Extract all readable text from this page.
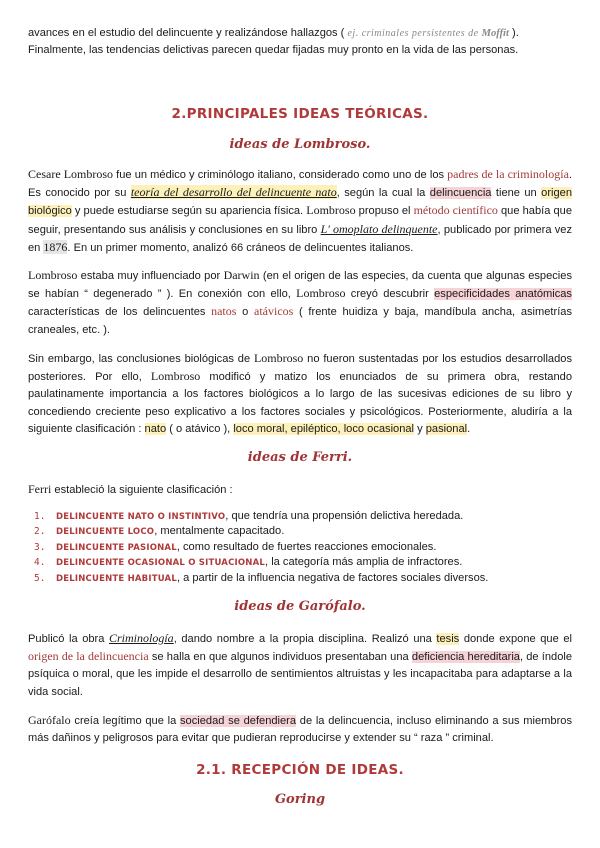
avances en el estudio del delincuente y realizándose hallazgos ( ej. criminales persistentes de Moffit ).
Finalmente, las tendencias delictivas parecen quedar fijadas muy pronto en la vida de las personas.

2.PRINCIPALES IDEAS TEÓRICAS.
ideas de Lombroso.

Cesare Lombroso fue un médico y criminólogo italiano, considerado como uno de los padres de la criminología. Es conocido por su teoría del desarrollo del delincuente nato, según la cual la delincuencia tiene un origen biológico y puede estudiarse según su apariencia física. Lombroso propuso el método científico que había que seguir, presentando sus análisis y conclusiones en su libro L' omoplato delinquente, publicado por primera vez en 1876. En un primer momento, analizó 66 cráneos de delincuentes italianos.

Lombroso estaba muy influenciado por Darwin (en el origen de las especies, da cuenta que algunas especies se habían “ degenerado ” ). En conexión con ello, Lombroso creyó descubrir especificidades anatómicas características de los delincuentes natos o atávicos ( frente huidiza y baja, mandíbula ancha, asimetrías craneales, etc. ).

Sin embargo, las conclusiones biológicas de Lombroso no fueron sustentadas por los estudios desarrollados posteriores. Por ello, Lombroso modificó y matizo los enunciados de su primera obra, restando paulatinamente importancia a los factores biológicos a lo largo de las sucesivas ediciones de su libro y concediendo creciente peso explicativo a los factores sociales y psicológicos. Posteriormente, aludiría a la siguiente clasificación : nato ( o atávico ), loco moral, epiléptico, loco ocasional y pasional.

ideas de Ferri.

Ferri estableció la siguiente clasificación :

1. DELINCUENTE NATO O INSTINTIVO, que tendría una propensión delictiva heredada.
2. DELINCUENTE LOCO, mentalmente capacitado.
3. DELINCUENTE PASIONAL, como resultado de fuertes reacciones emocionales.
4. DELINCUENTE OCASIONAL O SITUACIONAL, la categoría más amplia de infractores.
5. DELINCUENTE HABITUAL, a partir de la influencia negativa de factores sociales diversos.
ideas de Garófalo.

Publicó la obra Criminología, dando nombre a la propia disciplina. Realizó una tesis donde expone que el origen de la delincuencia se halla en que algunos individuos presentaban una deficiencia hereditaria, de índole psíquica o moral, que les impide el desarrollo de sentimientos altruistas y les incapacitaba para adaptarse a la vida social.

Garófalo creía legítimo que la sociedad se defendiera de la delincuencia, incluso eliminando a sus miembros más dañinos y peligrosos para evitar que pudieran reproducirse y extender su “ raza ” criminal.

2.1. RECEPCIÓN DE IDEAS.
Goring
